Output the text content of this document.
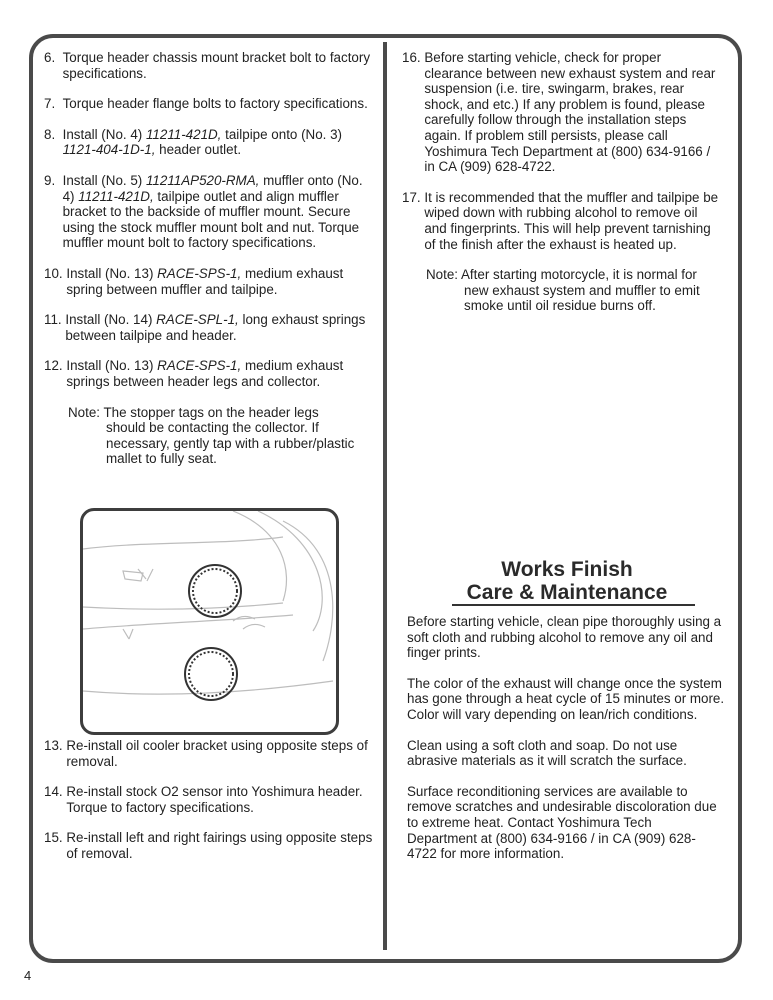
6. Torque header chassis mount bracket bolt to factory specifications.
7. Torque header flange bolts to factory specifications.
8. Install (No. 4) 11211-421D, tailpipe onto (No. 3) 1121-404-1D-1, header outlet.
9. Install (No. 5) 11211AP520-RMA, muffler onto (No. 4) 11211-421D, tailpipe outlet and align muffler bracket to the backside of muffler mount. Secure using the stock muffler mount bolt and nut. Torque muffler mount bolt to factory specifications.
10. Install (No. 13) RACE-SPS-1, medium exhaust spring between muffler and tailpipe.
11. Install (No. 14) RACE-SPL-1, long exhaust springs between tailpipe and header.
12. Install (No. 13) RACE-SPS-1, medium exhaust springs between header legs and collector.
Note: The stopper tags on the header legs
should be contacting the collector. If necessary, gently tap with a rubber/plastic mallet to fully seat.
13. Re-install oil cooler bracket using opposite steps of removal.
14. Re-install stock O2 sensor into Yoshimura header. Torque to factory specifications.
15. Re-install left and right fairings using opposite steps of removal.
16. Before starting vehicle, check for proper clearance between new exhaust system and rear suspension (i.e. tire, swingarm, brakes, rear shock, and etc.) If any problem is found, please carefully follow through the installation steps again. If problem still persists, please call Yoshimura Tech Department at (800) 634-9166 / in CA (909) 628-4722.
17. It is recommended that the muffler and tailpipe be wiped down with rubbing alcohol to remove oil and fingerprints. This will help prevent tarnishing of the finish after the exhaust is heated up.
Note: After starting motorcycle, it is normal for
new exhaust system and muffler to emit smoke until oil residue burns off.
Works Finish
Care & Maintenance

Before starting vehicle, clean pipe thoroughly using a soft cloth and rubbing alcohol to remove any oil and finger prints.

The color of the exhaust will change once the system has gone through a heat cycle of 15 minutes or more. Color will vary depending on lean/rich conditions.

Clean using a soft cloth and soap. Do not use abrasive materials as it will scratch the surface.

Surface reconditioning services are available to remove scratches and undesirable discoloration due to extreme heat. Contact Yoshimura Tech Department at (800) 634-9166 / in CA (909) 628-4722 for more information.

4
